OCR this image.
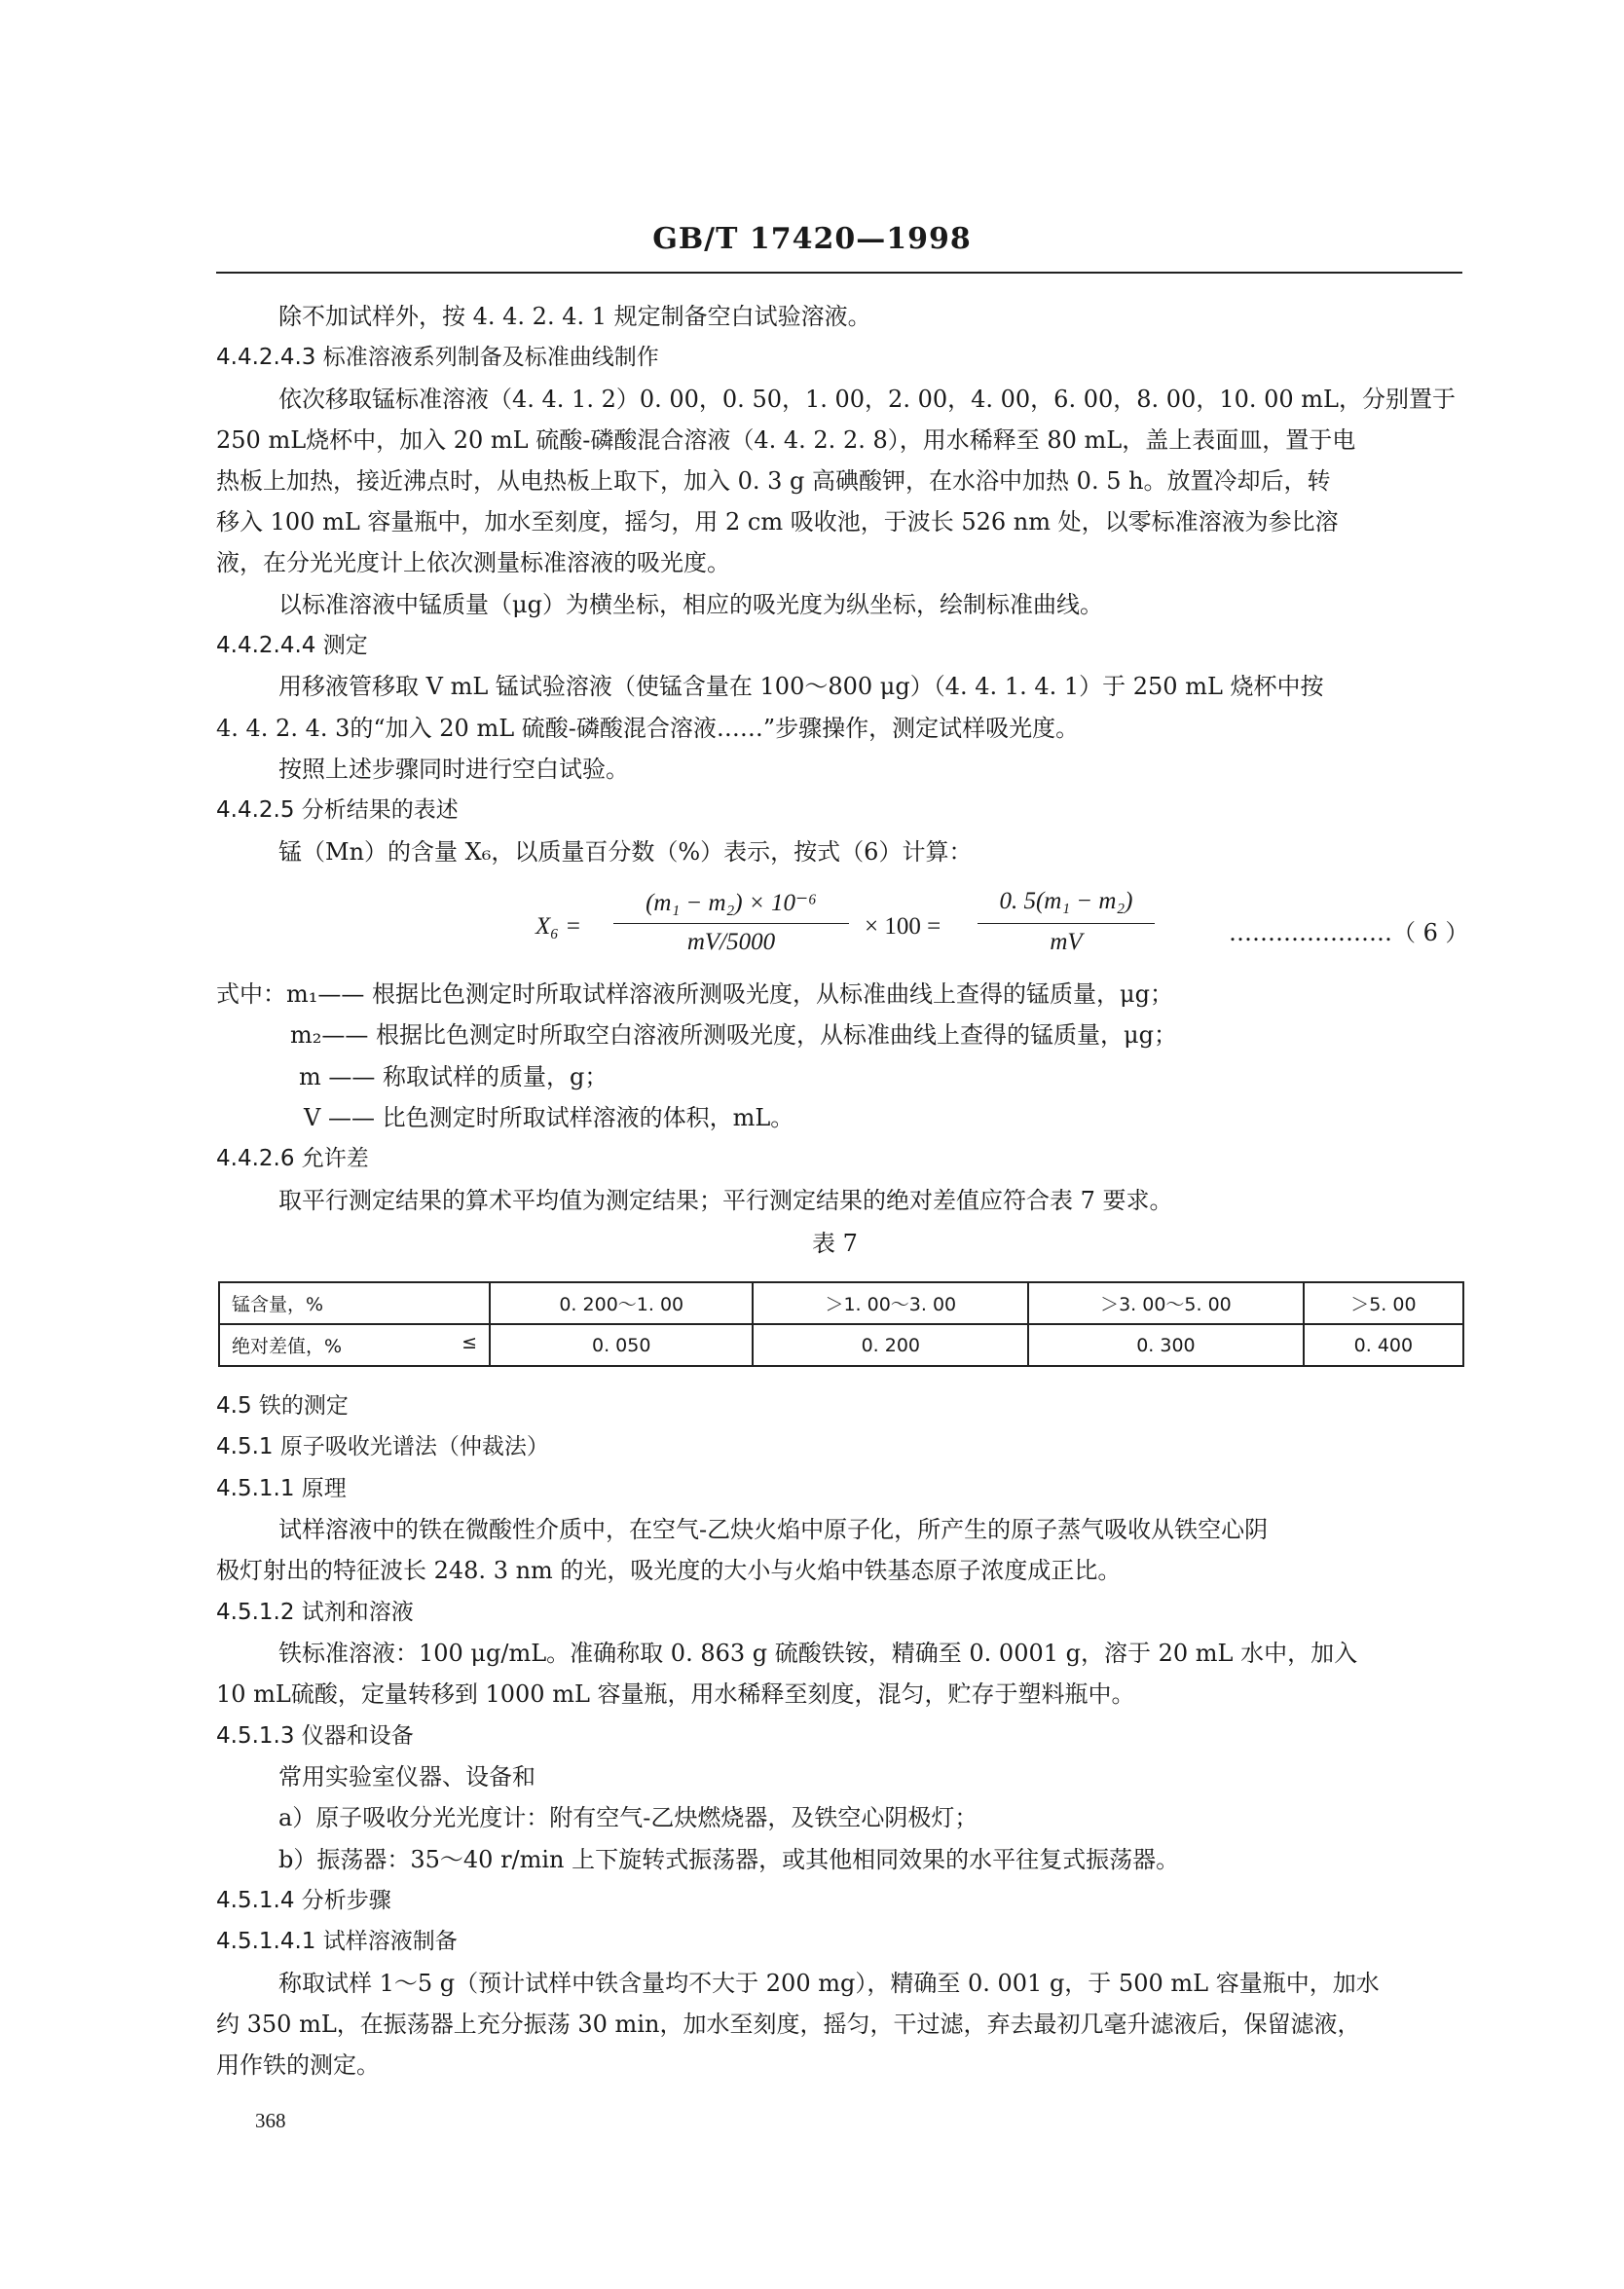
GB/T 17420—1998
除不加试样外，按 4. 4. 2. 4. 1 规定制备空白试验溶液。
4.4.2.4.3 标准溶液系列制备及标准曲线制作
依次移取锰标准溶液（4. 4. 1. 2）0. 00，0. 50，1. 00，2. 00，4. 00，6. 00，8. 00，10. 00 mL，分别置于
250 mL烧杯中，加入 20 mL 硫酸-磷酸混合溶液（4. 4. 2. 2. 8），用水稀释至 80 mL，盖上表面皿，置于电
热板上加热，接近沸点时，从电热板上取下，加入 0. 3 g 高碘酸钾，在水浴中加热 0. 5 h。放置冷却后，转
移入 100 mL 容量瓶中，加水至刻度，摇匀，用 2 cm 吸收池，于波长 526 nm 处，以零标准溶液为参比溶
液，在分光光度计上依次测量标准溶液的吸光度。
以标准溶液中锰质量（μg）为横坐标，相应的吸光度为纵坐标，绘制标准曲线。
4.4.2.4.4 测定
用移液管移取 V mL 锰试验溶液（使锰含量在 100～800 μg）（4. 4. 1. 4. 1）于 250 mL 烧杯中按
4. 4. 2. 4. 3的“加入 20 mL 硫酸-磷酸混合溶液……”步骤操作，测定试样吸光度。
按照上述步骤同时进行空白试验。
4.4.2.5 分析结果的表述
锰（Mn）的含量 X₆，以质量百分数（%）表示，按式（6）计算：
X₆ =
(m₁ − m₂) × 10⁻⁶
mV/5000
× 100 =
0. 5(m₁ − m₂)
mV	…………………（ 6 ）
式中：m₁—— 根据比色测定时所取试样溶液所测吸光度，从标准曲线上查得的锰质量，μg；
m₂—— 根据比色测定时所取空白溶液所测吸光度，从标准曲线上查得的锰质量，μg；
m —— 称取试样的质量，g；
V —— 比色测定时所取试样溶液的体积，mL。
4.4.2.6 允许差
取平行测定结果的算术平均值为测定结果；平行测定结果的绝对差值应符合表 7 要求。
表 7
锰含量，%	0. 200～1. 00	＞1. 00～3. 00	＞3. 00～5. 00	＞5. 00
绝对差值，% ≤	0. 050	0. 200	0. 300	0. 400
4.5 铁的测定
4.5.1 原子吸收光谱法（仲裁法）
4.5.1.1 原理
试样溶液中的铁在微酸性介质中，在空气-乙炔火焰中原子化，所产生的原子蒸气吸收从铁空心阴
极灯射出的特征波长 248. 3 nm 的光，吸光度的大小与火焰中铁基态原子浓度成正比。
4.5.1.2 试剂和溶液
铁标准溶液：100 μg/mL。准确称取 0. 863 g 硫酸铁铵，精确至 0. 0001 g，溶于 20 mL 水中，加入
10 mL硫酸，定量转移到 1000 mL 容量瓶，用水稀释至刻度，混匀，贮存于塑料瓶中。
4.5.1.3 仪器和设备
常用实验室仪器、设备和
a）原子吸收分光光度计：附有空气-乙炔燃烧器，及铁空心阴极灯；
b）振荡器：35～40 r/min 上下旋转式振荡器，或其他相同效果的水平往复式振荡器。
4.5.1.4 分析步骤
4.5.1.4.1 试样溶液制备
称取试样 1～5 g（预计试样中铁含量均不大于 200 mg），精确至 0. 001 g，于 500 mL 容量瓶中，加水
约 350 mL，在振荡器上充分振荡 30 min，加水至刻度，摇匀，干过滤，弃去最初几毫升滤液后，保留滤液，
用作铁的测定。
368
